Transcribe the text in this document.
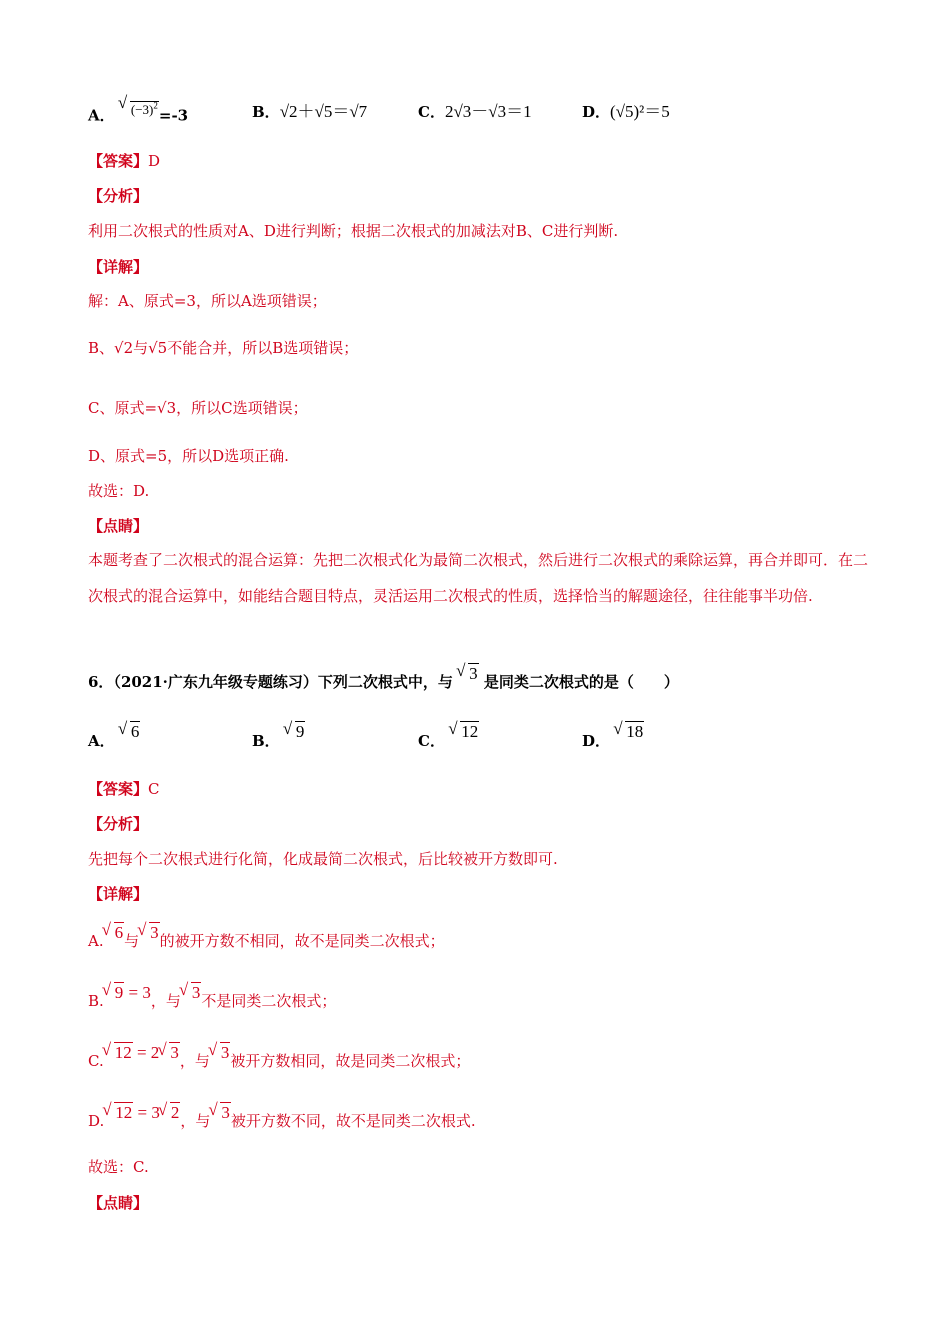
A． √ $(-3)^2=-3$	B．√2＋√5＝√7	C．2√3－√3＝1	D．(√5)²＝5
【答案】D
【分析】
利用二次根式的性质对A、D进行判断；根据二次根式的加减法对B、C进行判断.
【详解】
解：A、原式=3，所以A选项错误；
B、√2与√5不能合并，所以B选项错误；
C、原式=√3，所以C选项错误；
D、原式=5，所以D选项正确.
故选：D.
【点睛】
本题考查了二次根式的混合运算：先把二次根式化为最简二次根式，然后进行二次根式的乘除运算，再合并即可．在二次根式的混合运算中，如能结合题目特点，灵活运用二次根式的性质，选择恰当的解题途径，往往能事半功倍.
6．（2021·广东九年级专题练习）下列二次根式中，与 √ 3 是同类二次根式的是（　　）
A． √ 6	B． √ 9	C． √ 12	D． √ 18
【答案】C
【分析】
先把每个二次根式进行化简，化成最简二次根式，后比较被开方数即可.
【详解】
A. √ 6与 √ 3的被开方数不相同，故不是同类二次根式；
B. √ 9 = 3，与 √ 3不是同类二次根式；
C. √ 12 = 2 √ 3，与 √ 3被开方数相同，故是同类二次根式；
D. √ 12 = 3 √ 2，与 √ 3被开方数不同，故不是同类二次根式.
故选：C.
【点睛】
